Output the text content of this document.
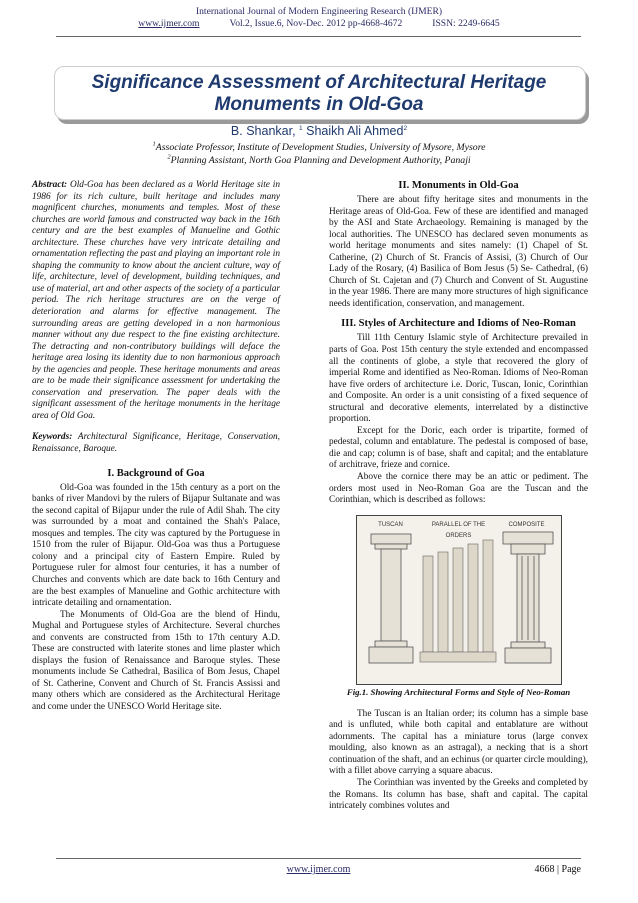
International Journal of Modern Engineering Research (IJMER)
www.ijmer.com	Vol.2, Issue.6, Nov-Dec. 2012 pp-4668-4672	ISSN: 2249-6645
Significance Assessment of Architectural Heritage Monuments in Old-Goa
B. Shankar, $^1$ Shaikh Ali Ahmed$^2$
$^1$Associate Professor, Institute of Development Studies, University of Mysore, Mysore
$^2$Planning Assistant, North Goa Planning and Development Authority, Panaji

Abstract: Old-Goa has been declared as a World Heritage site in 1986 for its rich culture, built heritage and includes many magnificent churches, monuments and temples. Most of these churches are world famous and constructed way back in the 16th century and are the best examples of Manueline and Gothic architecture. These churches have very intricate detailing and ornamentation reflecting the past and playing an important role in shaping the community to know about the ancient culture, way of life, architecture, level of development, building techniques, and use of material, art and other aspects of the society of a particular period. The rich heritage structures are on the verge of deterioration and alarms for effective management. The surrounding areas are getting developed in a non harmonious manner without any due respect to the fine existing architecture. The detracting and non-contributory buildings will deface the heritage area losing its identity due to non harmonious approach by the agencies and people. These heritage monuments and areas are to be made their significance assessment for undertaking the conservation and preservation. The paper deals with the significant assessment of the heritage monuments in the heritage area of Old Goa.

Keywords: Architectural Significance, Heritage, Conservation, Renaissance, Baroque.

I. Background of Goa

Old-Goa was founded in the 15th century as a port on the banks of river Mandovi by the rulers of Bijapur Sultanate and was the second capital of Bijapur under the rule of Adil Shah. The city was surrounded by a moat and contained the Shah's Palace, mosques and temples. The city was captured by the Portuguese in 1510 from the ruler of Bijapur. Old-Goa was thus a Portuguese colony and a principal city of Eastern Empire. Ruled by Portuguese ruler for almost four centuries, it has a number of Churches and convents which are date back to 16th Century and are the best examples of Manueline and Gothic architecture with intricate detailing and ornamentation.

The Monuments of Old-Goa are the blend of Hindu, Mughal and Portuguese styles of Architecture. Several churches and convents are constructed from 15th to 17th century A.D. These are constructed with laterite stones and lime plaster which displays the fusion of Renaissance and Baroque styles. These monuments include Se Cathedral, Basilica of Bom Jesus, Chapel of St. Catherine, Convent and Church of St. Francis Assissi and many others which are considered as the Architectural Heritage and come under the UNESCO World Heritage site.

II. Monuments in Old-Goa

There are about fifty heritage sites and monuments in the Heritage areas of Old-Goa. Few of these are identified and managed by the ASI and State Archaeology. Remaining is managed by the local authorities. The UNESCO has declared seven monuments as world heritage monuments and sites namely: (1) Chapel of St. Catherine, (2) Church of St. Francis of Assisi, (3) Church of Our Lady of the Rosary, (4) Basilica of Bom Jesus (5) Se- Cathedral, (6) Church of St. Cajetan and (7) Church and Convent of St. Augustine in the year 1986. There are many more structures of high significance needs identification, conservation, and management.

III. Styles of Architecture and Idioms of Neo-Roman

Till 11th Century Islamic style of Architecture prevailed in parts of Goa. Post 15th century the style extended and encompassed all the continents of globe, a style that recovered the glory of imperial Rome and identified as Neo-Roman. Idioms of Neo-Roman have five orders of architecture i.e. Doric, Tuscan, Ionic, Corinthian and Composite. An order is a unit consisting of a fixed sequence of structural and decorative elements, interrelated by a distinctive proportion.

Except for the Doric, each order is tripartite, formed of pedestal, column and entablature. The pedestal is composed of base, die and cap; column is of base, shaft and capital; and the entablature of architrave, frieze and cornice.

Above the cornice there may be an attic or pediment. The orders most used in Neo-Roman Goa are the Tuscan and the Corinthian, which is described as follows:

TUSCAN	PARALLEL OF THE ORDERS
COMPOSITE
Fig.1. Showing Architectural Forms and Style of Neo-Roman

The Tuscan is an Italian order; its column has a simple base and is unfluted, while both capital and entablature are without adornments. The capital has a miniature torus (large convex moulding, also known as an astragal), a necking that is a short continuation of the shaft, and an echinus (or quarter circle moulding), with a fillet above carrying a square abacus.

The Corinthian was invented by the Greeks and completed by the Romans. Its column has base, shaft and capital. The capital intricately combines volutes and

www.ijmer.com	4668 | Page
